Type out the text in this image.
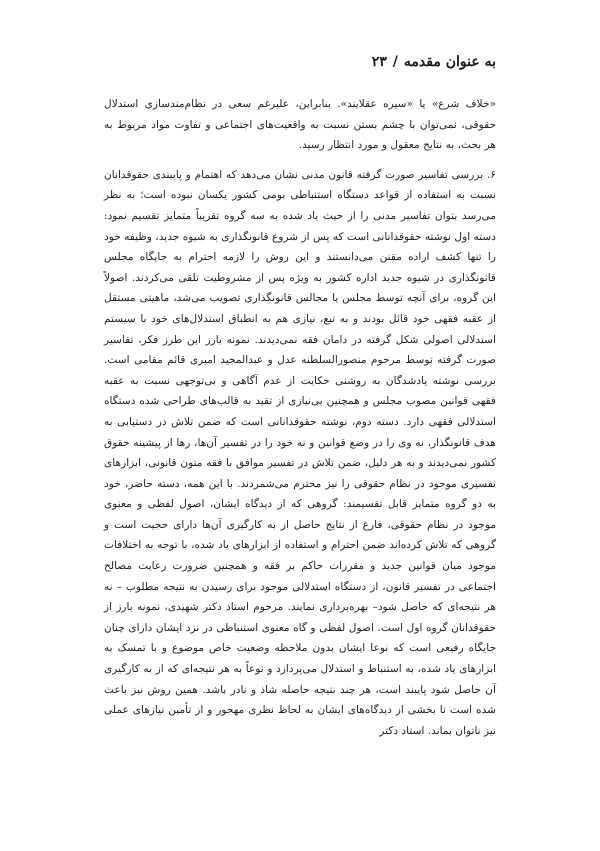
به عنوان مقدمه/۲۳

«خلاف شرع» یا «سیره عقلایند». بنابراین، علیرغم سعی در نظام‌مندسازی استدلال حقوقی، نمی‌توان با چشم بستن نسبت به واقعیت‌های اجتماعی و تفاوت مواد مربوط به هر بحث، به نتایج معقول و مورد انتظار رسید.

۶. بررسی تفاسیر صورت گرفته قانون مدنی نشان می‌دهد که اهتمام و پایبندی حقوقدانان نسبت به استفاده از قواعد دستگاه استنباطی بومی کشور یکسان نبوده است؛ به نظر می‌رسد بتوان تفاسیر مدنی را از حیث یاد شده به سه گروه تقریباً متمایز تقسیم نمود: دسته اول نوشته حقوقدانانی است که پس از شروع قانونگذاری به شیوه جدید، وظیفه خود را تنها کشف اراده مقنن می‌دانستند و این روش را لازمه احترام به جایگاه مجلس قانونگذاری در شیوه جدید اداره کشور به ویژه پس از مشروطیت تلقی می‌کردند. اصولاً این گروه، برای آنچه توسط مجلس یا مجالس قانونگذاری تصویب می‌شد، ماهیتی مستقل از عقبه فقهی خود قائل بودند و به تبع، نیازی هم به انطباق استدلال‌های خود با سیستم استدلالی اصولی شکل گرفته در دامان فقه نمی‌دیدند. نمونه بارز این طرز فکر، تفاسیر صورت گرفته توسط مرحوم منصورالسلطنه عدل و عبدالمجید امیری قائم مقامی است. بررسی نوشته یادشدگان به روشنی حکایت از عدم آگاهی و بی‌توجهی نسبت به عقبه فقهی قوانین مصوب مجلس و همچنین بی‌نیازی از تقید به قالب‌های طراحی شده دستگاه استدلالی فقهی دارد. دسته دوم، نوشته حقوقدانانی است که ضمن تلاش در دستیابی به هدف قانونگذار، نه وی را در وضع قوانین و نه خود را در تفسیر آن‌ها، رها از پیشینه حقوق کشور نمی‌دیدند و به هر دلیل، ضمن تلاش در تفسیر موافق با فقه متون قانونی، ابزارهای تفسیری موجود در نظام حقوقی را نیز محترم می‌شمردند. با این همه، دسته حاضر، خود به دو گروه متمایز قابل تقسیمند: گروهی که از دیدگاه ایشان، اصول لفظی و معنوی موجود در نظام حقوقی، فارغ از نتایج حاصل از به کارگیری آن‌ها دارای حجیت است و گروهی که تلاش کرده‌اند ضمن احترام و استفاده از ابزارهای یاد شده، با توجه به اختلافات موجود میان قوانین جدید و مقررات حاکم بر فقه و همچنین ضرورت رعایت مصالح اجتماعی در تفسیر قانون، از دستگاه استدلالی موجود برای رسیدن به نتیجه مطلوب – نه هر نتیجه‌ای که حاصل شود– بهره‌برداری نمایند. مرحوم استاد دکتر شهیدی، نمونه بارز از حقوقدانان گروه اول است. اصول لفظی و گاه معنوی استنباطی در نزد ایشان دارای چنان جایگاه رفیعی است که نوعا ایشان بدون ملاحظه وضعیت خاص موضوع و با تمسک به ابزارهای یاد شده، به استنباط و استدلال می‌پردازد و نوعاً به هر نتیجه‌ای که از به کارگیری آن حاصل شود پایبند است، هر چند نتیجه حاصله شاذ و نادر باشد. همین روش نیز باعث شده است تا بخشی از دیدگاه‌های ایشان به لحاظ نظری مهجور و از تأمین نیازهای عملی نیز ناتوان بماند. استاد دکتر
